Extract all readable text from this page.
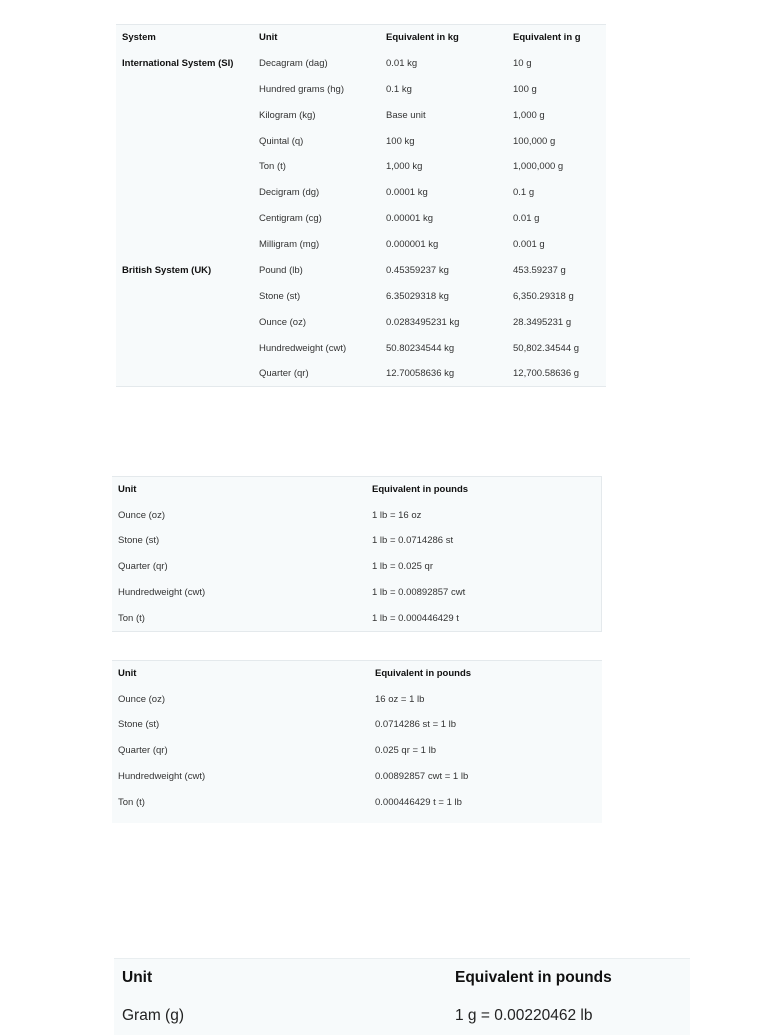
System	Unit	Equivalent in kg	Equivalent in g
International System (SI)	Decagram (dag)	0.01 kg	10 g
	Hundred grams (hg)	0.1 kg	100 g
	Kilogram (kg)	Base unit	1,000 g
	Quintal (q)	100 kg	100,000 g
	Ton (t)	1,000 kg	1,000,000 g
	Decigram (dg)	0.0001 kg	0.1 g
	Centigram (cg)	0.00001 kg	0.01 g
	Milligram (mg)	0.000001 kg	0.001 g
British System (UK)	Pound (lb)	0.45359237 kg	453.59237 g
	Stone (st)	6.35029318 kg	6,350.29318 g
	Ounce (oz)	0.0283495231 kg	28.3495231 g
	Hundredweight (cwt)	50.80234544 kg	50,802.34544 g
	Quarter (qr)	12.70058636 kg	12,700.58636 g
Unit	Equivalent in pounds
Ounce (oz)	1 lb = 16 oz
Stone (st)	1 lb = 0.0714286 st
Quarter (qr)	1 lb = 0.025 qr
Hundredweight (cwt)	1 lb = 0.00892857 cwt
Ton (t)	1 lb = 0.000446429 t
Unit	Equivalent in pounds
Ounce (oz)	16 oz = 1 lb
Stone (st)	0.0714286 st = 1 lb
Quarter (qr)	0.025 qr = 1 lb
Hundredweight (cwt)	0.00892857 cwt = 1 lb
Ton (t)	0.000446429 t = 1 lb
Unit	Equivalent in pounds
Gram (g)	1 g = 0.00220462 lb
